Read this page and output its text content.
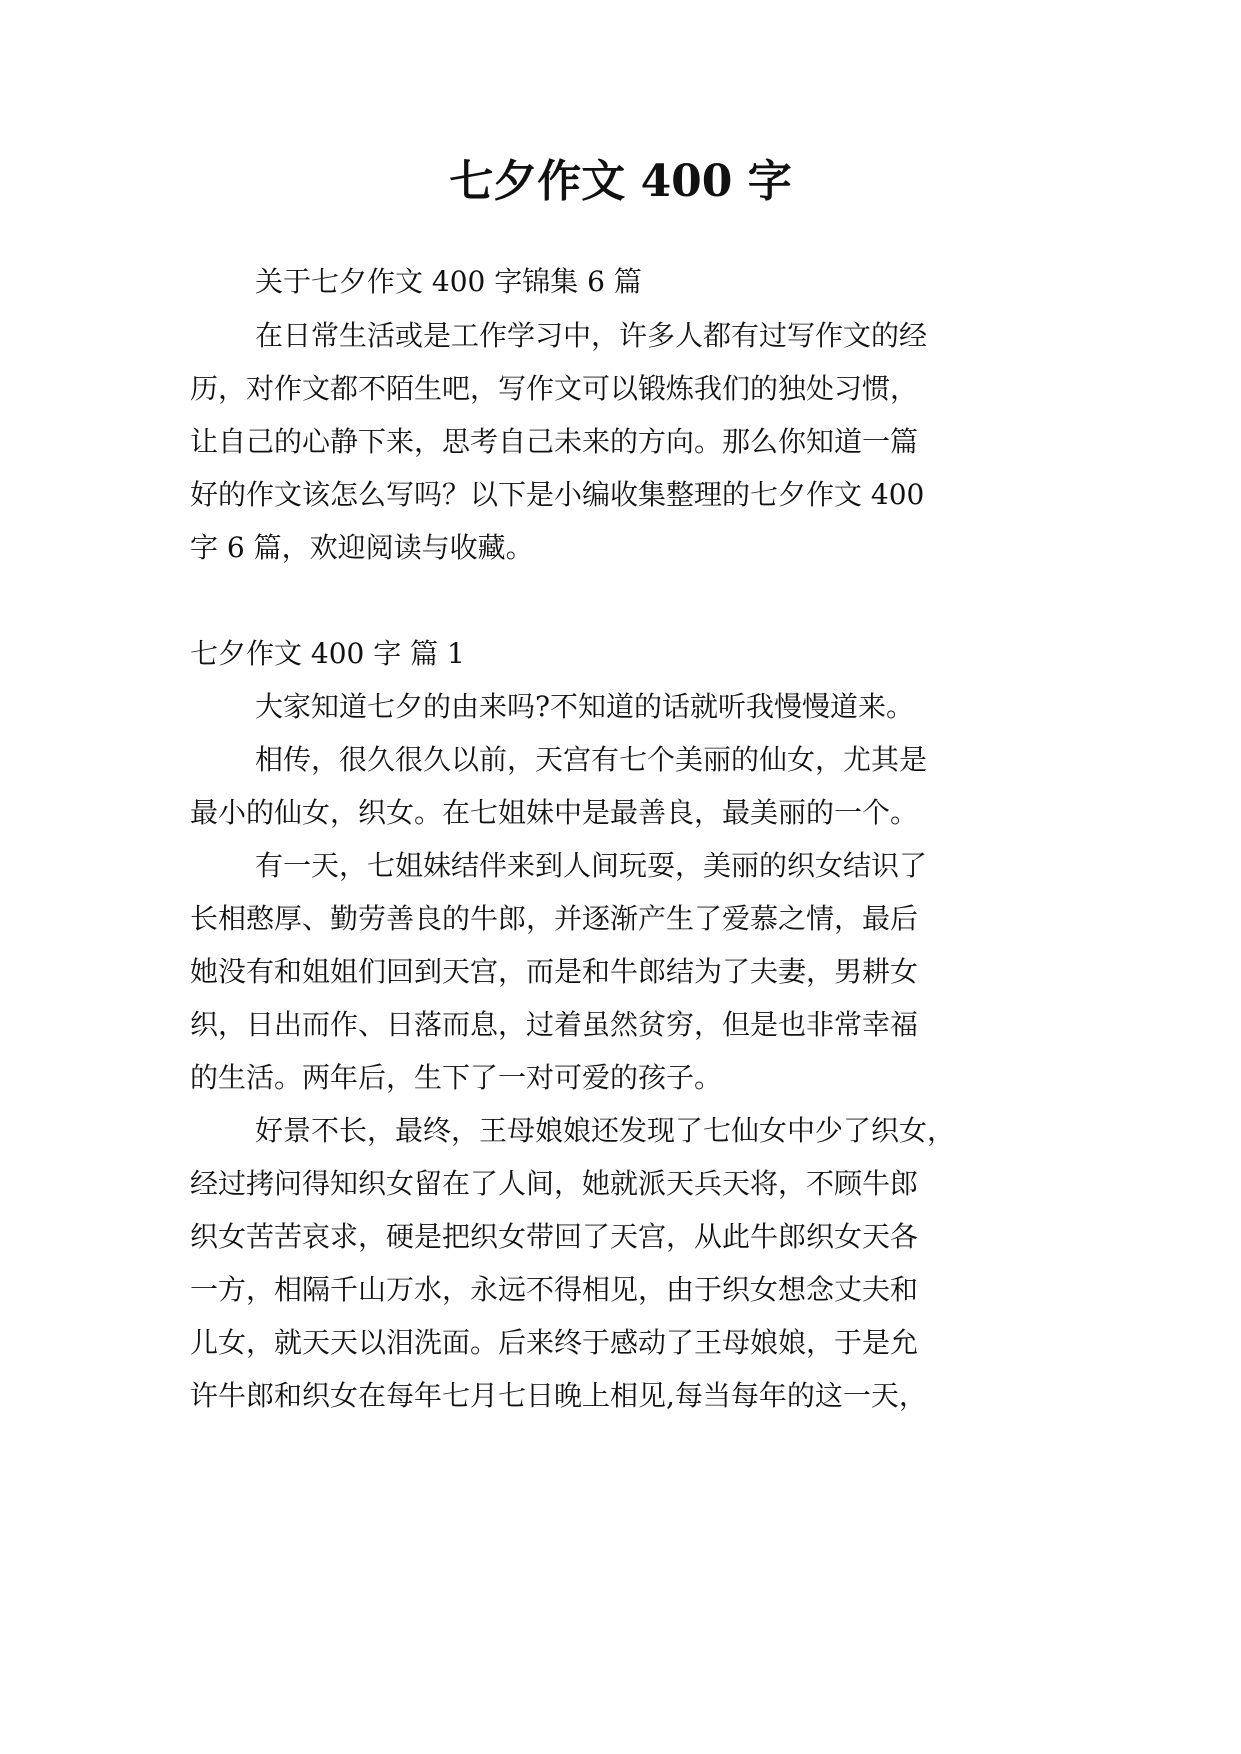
七夕作文 400 字

关于七夕作文 400 字锦集 6 篇

在日常生活或是工作学习中，许多人都有过写作文的经

历，对作文都不陌生吧，写作文可以锻炼我们的独处习惯，

让自己的心静下来，思考自己未来的方向。那么你知道一篇

好的作文该怎么写吗？以下是小编收集整理的七夕作文 400

字 6 篇，欢迎阅读与收藏。

七夕作文 400 字 篇 1

大家知道七夕的由来吗?不知道的话就听我慢慢道来。

相传，很久很久以前，天宫有七个美丽的仙女，尤其是

最小的仙女，织女。在七姐妹中是最善良，最美丽的一个。

有一天，七姐妹结伴来到人间玩耍，美丽的织女结识了

长相憨厚、勤劳善良的牛郎，并逐渐产生了爱慕之情，最后

她没有和姐姐们回到天宫，而是和牛郎结为了夫妻，男耕女

织，日出而作、日落而息，过着虽然贫穷，但是也非常幸福

的生活。两年后，生下了一对可爱的孩子。

好景不长，最终，王母娘娘还发现了七仙女中少了织女，

经过拷问得知织女留在了人间，她就派天兵天将，不顾牛郎

织女苦苦哀求，硬是把织女带回了天宫，从此牛郎织女天各

一方，相隔千山万水，永远不得相见，由于织女想念丈夫和

儿女，就天天以泪洗面。后来终于感动了王母娘娘，于是允

许牛郎和织女在每年七月七日晚上相见,每当每年的这一天，
